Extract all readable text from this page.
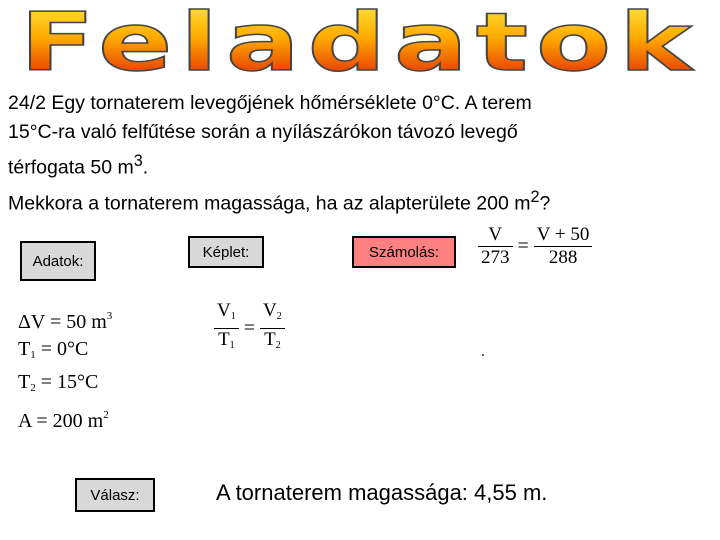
Feladatok

24/2 Egy tornaterem levegőjének hőmérséklete 0°C. A terem

15°C-ra való felfűtése során a nyílászárókon távozó levegő

térfogata 50 $m^3$.

Mekkora a tornaterem magassága, ha az alapterülete 200 $m^2$?

Adatok:
Képlet:	Számolás:
Válasz:
ΔV = 50 $m^3$
$T_1 = 0^\circ C$
$T_2 = 15^\circ C$
A = 200 $m^2$
$\frac{V_1}{T_1} = \frac{V_2}{T_2}$
$\frac{V}{273} = \frac{V + 50}{288}$
A tornaterem magassága: 4,55 m.
